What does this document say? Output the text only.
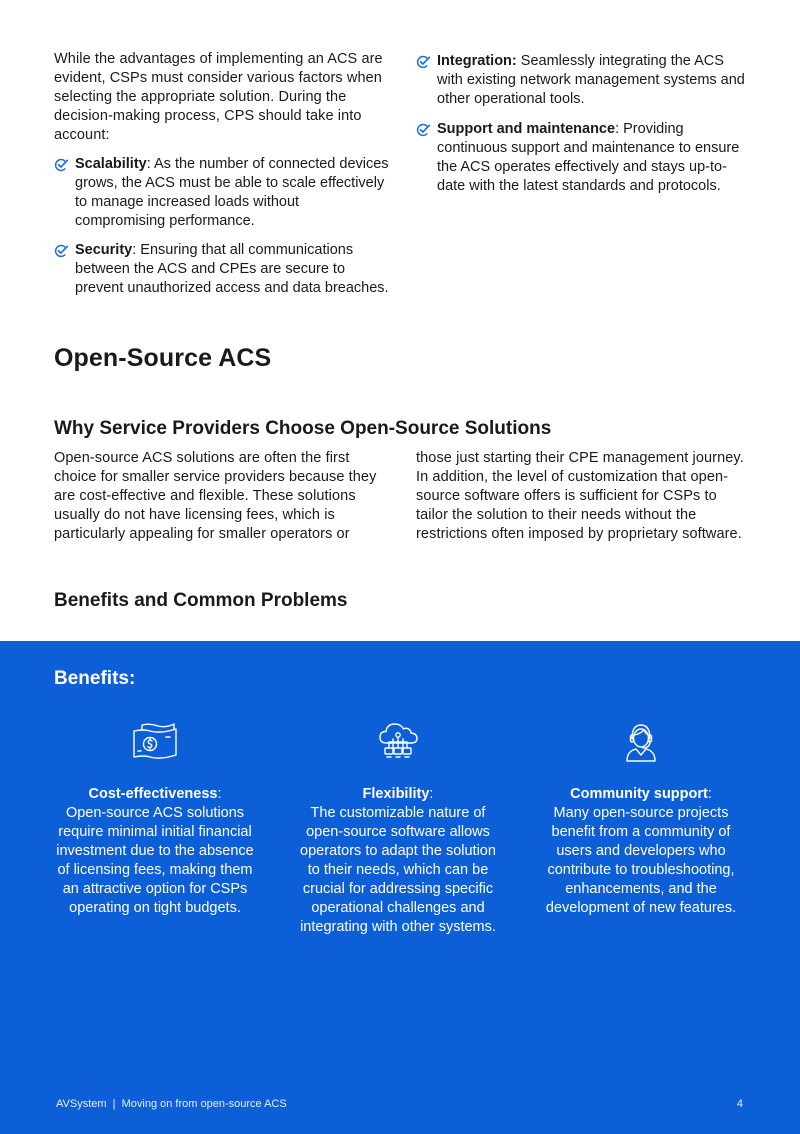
While the advantages of implementing an ACS are evident, CSPs must consider various factors when selecting the appropriate solution. During the decision-making process, CPS should take into account:

Scalability: As the number of connected devices grows, the ACS must be able to scale effectively to manage increased loads without compromising performance.
Security: Ensuring that all communications between the ACS and CPEs are secure to prevent unauthorized access and data breaches.
Integration: Seamlessly integrating the ACS with existing network management systems and other operational tools.
Support and maintenance: Providing continuous support and maintenance to ensure the ACS operates effectively and stays up-to-date with the latest standards and protocols.
Open-Source ACS
Why Service Providers Choose Open-Source Solutions

Open-source ACS solutions are often the first choice for smaller service providers because they are cost-effective and flexible. These solutions usually do not have licensing fees, which is particularly appealing for smaller operators or

those just starting their CPE management journey. In addition, the level of customization that open-source software offers is sufficient for CSPs to tailor the solution to their needs without the restrictions often imposed by proprietary software.

Benefits and Common Problems
Benefits:
Cost-effectiveness:
Open-source ACS solutions require minimal initial financial investment due to the absence of licensing fees, making them an attractive option for CSPs operating on tight budgets.
Flexibility:
The customizable nature of open-source software allows operators to adapt the solution to their needs, which can be crucial for addressing specific operational challenges and integrating with other systems.
Community support:
Many open-source projects benefit from a community of users and developers who contribute to troubleshooting, enhancements, and the development of new features.
AVSystem  |  Moving on from open-source ACS	4
